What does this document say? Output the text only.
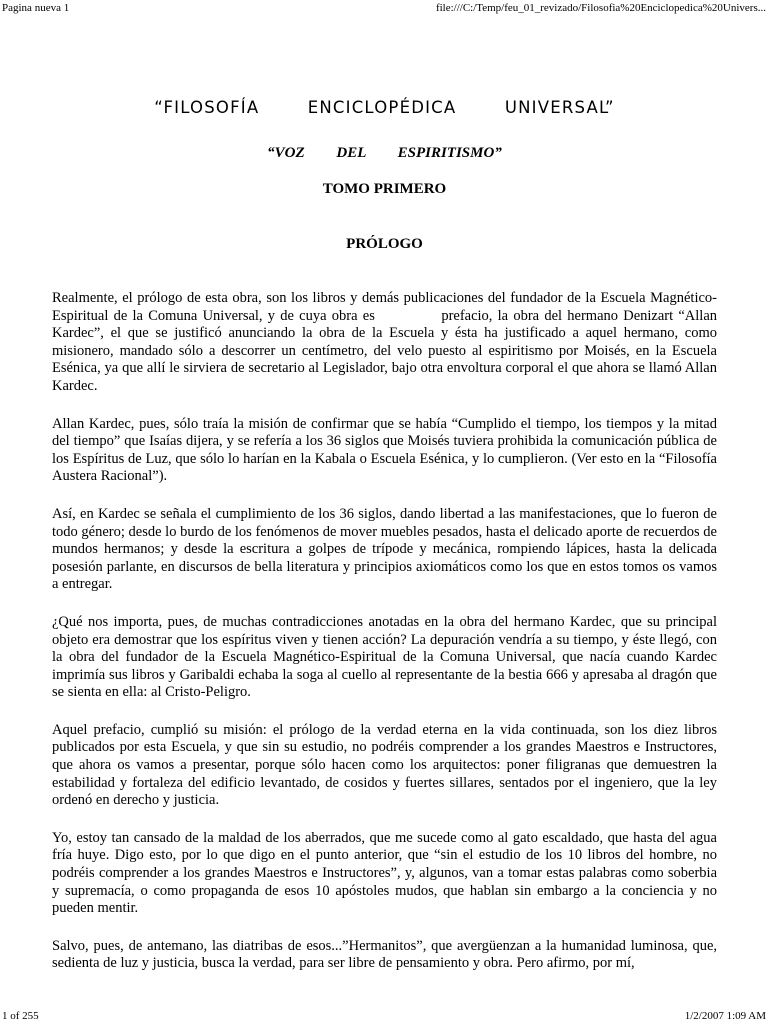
Pagina nueva 1	file:///C:/Temp/feu_01_revizado/Filosofia%20Enciclopedica%20Univers...
“FILOSOFÍA ENCICLOPÉDICA UNIVERSAL”

“VOZ DEL ESPIRITISMO”

TOMO PRIMERO

PRÓLOGO

Realmente, el prólogo de esta obra, son los libros y demás publicaciones del fundador de la Escuela Magnético-Espiritual de la Comuna Universal, y de cuya obra es	prefacio, la obra del hermano Denizart “Allan Kardec”, el que se justificó anunciando la obra de la Escuela y ésta ha justificado a aquel hermano, como misionero, mandado sólo a descorrer un centímetro, del velo puesto al espiritismo por Moisés, en la Escuela Esénica, ya que allí le sirviera de secretario al Legislador, bajo otra envoltura corporal el que ahora se llamó Allan Kardec.

Allan Kardec, pues, sólo traía la misión de confirmar que se había “Cumplido el tiempo, los tiempos y la mitad del tiempo” que Isaías dijera, y se refería a los 36 siglos que Moisés tuviera prohibida la comunicación pública de los Espíritus de Luz, que sólo lo harían en la Kabala o Escuela Esénica, y lo cumplieron. (Ver esto en la “Filosofía Austera Racional”).

Así, en Kardec se señala el cumplimiento de los 36 siglos, dando libertad a las manifestaciones, que lo fueron de todo género; desde lo burdo de los fenómenos de mover muebles pesados, hasta el delicado aporte de recuerdos de mundos hermanos; y desde la escritura a golpes de trípode y mecánica, rompiendo lápices, hasta la delicada posesión parlante, en discursos de bella literatura y principios axiomáticos como los que en estos tomos os vamos a entregar.

¿Qué nos importa, pues, de muchas contradicciones anotadas en la obra del hermano Kardec, que su principal objeto era demostrar que los espíritus viven y tienen acción? La depuración vendría a su tiempo, y éste llegó, con la obra del fundador de la Escuela Magnético-Espiritual de la Comuna Universal, que nacía cuando Kardec imprimía sus libros y Garibaldi echaba la soga al cuello al representante de la bestia 666 y apresaba al dragón que se sienta en ella: al Cristo-Peligro.

Aquel prefacio, cumplió su misión: el prólogo de la verdad eterna en la vida continuada, son los diez libros publicados por esta Escuela, y que sin su estudio, no podréis comprender a los grandes Maestros e Instructores, que ahora os vamos a presentar, porque sólo hacen como los arquitectos: poner filigranas que demuestren la estabilidad y fortaleza del edificio levantado, de cosidos y fuertes sillares, sentados por el ingeniero, que la ley ordenó en derecho y justicia.

Yo, estoy tan cansado de la maldad de los aberrados, que me sucede como al gato escaldado, que hasta del agua fría huye. Digo esto, por lo que digo en el punto anterior, que “sin el estudio de los 10 libros del hombre, no podréis comprender a los grandes Maestros e Instructores”, y, algunos, van a tomar estas palabras como soberbia y supremacía, o como propaganda de esos 10 apóstoles mudos, que hablan sin embargo a la conciencia y no pueden mentir.

Salvo, pues, de antemano, las diatribas de esos...”Hermanitos”, que avergüenzan a la humanidad luminosa, que, sedienta de luz y justicia, busca la verdad, para ser libre de pensamiento y obra. Pero afirmo, por mí,

1 of 255	1/2/2007 1:09 AM
